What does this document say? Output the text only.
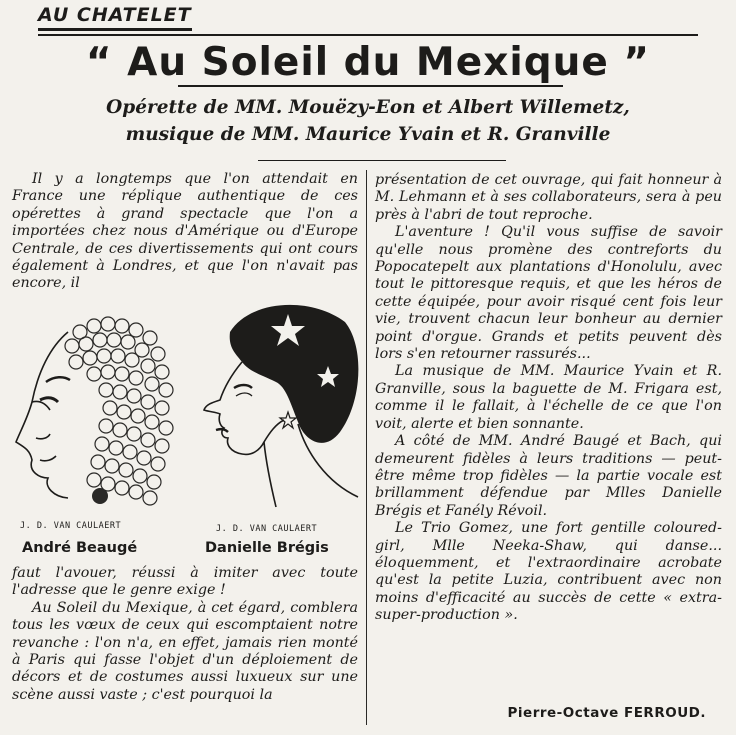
AU CHATELET
“ Au Soleil du Mexique ”
Opérette de MM. Mouëzy-Eon et Albert Willemetz,
musique de MM. Maurice Yvain et R. Granville

Il y a longtemps que l'on attendait en France une réplique authentique de ces opérettes à grand spectacle que l'on a importées chez nous d'Amérique ou d'Europe Centrale, de ces divertissements qui ont cours également à Londres, et que l'on n'avait pas encore, il

J. D. VAN CAULAERT	J. D. VAN CAULAERT
André Beaugé	Danielle Brégis

faut l'avouer, réussi à imiter avec toute l'adresse que le genre exige !

Au Soleil du Mexique, à cet égard, comblera tous les vœux de ceux qui escomptaient notre revanche : l'on n'a, en effet, jamais rien monté à Paris qui fasse l'objet d'un déploiement de décors et de costumes aussi luxueux sur une scène aussi vaste ; c'est pourquoi la

présentation de cet ouvrage, qui fait honneur à M. Lehmann et à ses collaborateurs, sera à peu près à l'abri de tout reproche.

L'aventure ! Qu'il vous suffise de savoir qu'elle nous promène des contreforts du Popocatepelt aux plantations d'Honolulu, avec tout le pittoresque requis, et que les héros de cette équipée, pour avoir risqué cent fois leur vie, trouvent chacun leur bonheur au dernier point d'orgue. Grands et petits peuvent dès lors s'en retourner rassurés...

La musique de MM. Maurice Yvain et R. Granville, sous la baguette de M. Frigara est, comme il le fallait, à l'échelle de ce que l'on voit, alerte et bien sonnante.

A côté de MM. André Baugé et Bach, qui demeurent fidèles à leurs traditions — peut-être même trop fidèles — la partie vocale est brillamment défendue par Mlles Danielle Brégis et Fanély Révoil.

Le Trio Gomez, une fort gentille coloured-girl, Mlle Neeka-Shaw, qui danse... éloquemment, et l'extraordinaire acrobate qu'est la petite Luzia, contribuent avec non moins d'efficacité au succès de cette « extra-super-production ».

Pierre-Octave FERROUD.
